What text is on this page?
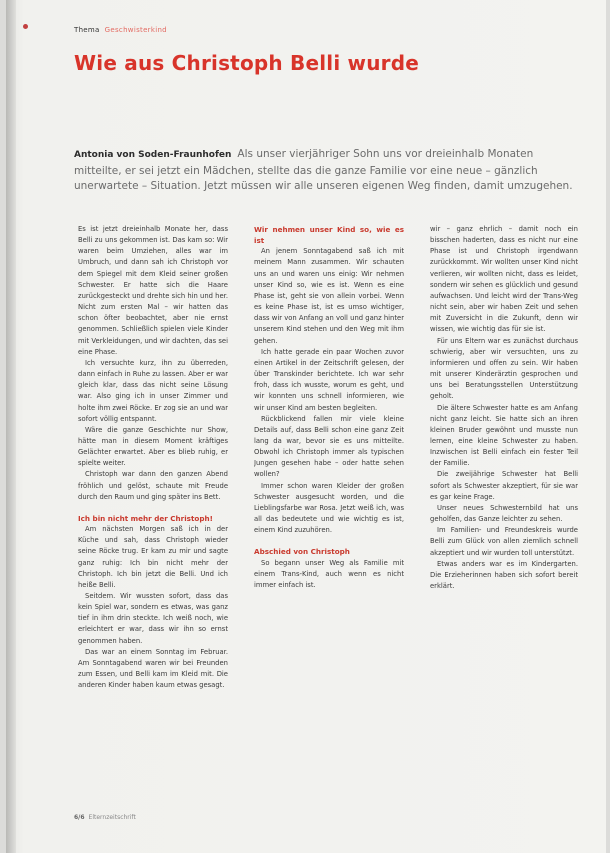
Thema Geschwisterkind
Wie aus Christoph Belli wurde

Antonia von Soden-Fraunhofen Als unser vierjähriger Sohn uns vor dreieinhalb Monaten mitteilte, er sei jetzt ein Mädchen, stellte das die ganze Familie vor eine neue – gänzlich unerwartete – Situation. Jetzt müssen wir alle unseren eigenen Weg finden, damit umzugehen.

Es ist jetzt dreieinhalb Monate her, dass Belli zu uns gekommen ist. Das kam so: Wir waren beim Umziehen, alles war im Umbruch, und dann sah ich Christoph vor dem Spiegel mit dem Kleid seiner großen Schwester. Er hatte sich die Haare zurückgesteckt und drehte sich hin und her. Nicht zum ersten Mal – wir hatten das schon öfter beobachtet, aber nie ernst genommen. Schließlich spielen viele Kinder mit Verkleidungen, und wir dachten, das sei eine Phase.

Ich versuchte kurz, ihn zu überreden, dann einfach in Ruhe zu lassen. Aber er war gleich klar, dass das nicht seine Lösung war. Also ging ich in unser Zimmer und holte ihm zwei Röcke. Er zog sie an und war sofort völlig entspannt.

Wäre die ganze Geschichte nur Show, hätte man in diesem Moment kräftiges Gelächter erwartet. Aber es blieb ruhig, er spielte weiter.

Christoph war dann den ganzen Abend fröhlich und gelöst, schaute mit Freude durch den Raum und ging später ins Bett.

Ich bin nicht mehr der Christoph!

Am nächsten Morgen saß ich in der Küche und sah, dass Christoph wieder seine Röcke trug. Er kam zu mir und sagte ganz ruhig: Ich bin nicht mehr der Christoph. Ich bin jetzt die Belli. Und ich heiße Belli.

Seitdem. Wir wussten sofort, dass das kein Spiel war, sondern es etwas, was ganz tief in ihm drin steckte. Ich weiß noch, wie erleichtert er war, dass wir ihn so ernst genommen haben.

Das war an einem Sonntag im Februar. Am Sonntagabend waren wir bei Freunden zum Essen, und Belli kam im Kleid mit. Die anderen Kinder haben kaum etwas gesagt.

Wir nehmen unser Kind so, wie es ist

An jenem Sonntagabend saß ich mit meinem Mann zusammen. Wir schauten uns an und waren uns einig: Wir nehmen unser Kind so, wie es ist. Wenn es eine Phase ist, geht sie von allein vorbei. Wenn es keine Phase ist, ist es umso wichtiger, dass wir von Anfang an voll und ganz hinter unserem Kind stehen und den Weg mit ihm gehen.

Ich hatte gerade ein paar Wochen zuvor einen Artikel in der Zeitschrift gelesen, der über Transkinder berichtete. Ich war sehr froh, dass ich wusste, worum es geht, und wir konnten uns schnell informieren, wie wir unser Kind am besten begleiten.

Rückblickend fallen mir viele kleine Details auf, dass Belli schon eine ganz Zeit lang da war, bevor sie es uns mitteilte. Obwohl ich Christoph immer als typischen Jungen gesehen habe – oder hatte sehen wollen?

Immer schon waren Kleider der großen Schwester ausgesucht worden, und die Lieblingsfarbe war Rosa. Jetzt weiß ich, was all das bedeutete und wie wichtig es ist, einem Kind zuzuhören.

Abschied von Christoph

So begann unser Weg als Familie mit einem Trans-Kind, auch wenn es nicht immer einfach ist.

wir – ganz ehrlich – damit noch ein bisschen haderten, dass es nicht nur eine Phase ist und Christoph irgendwann zurückkommt. Wir wollten unser Kind nicht verlieren, wir wollten nicht, dass es leidet, sondern wir sehen es glücklich und gesund aufwachsen. Und leicht wird der Trans-Weg nicht sein, aber wir haben Zeit und sehen mit Zuversicht in die Zukunft, denn wir wissen, wie wichtig das für sie ist.

Für uns Eltern war es zunächst durchaus schwierig, aber wir versuchten, uns zu informieren und offen zu sein. Wir haben mit unserer Kinderärztin gesprochen und uns bei Beratungsstellen Unterstützung geholt.

Die ältere Schwester hatte es am Anfang nicht ganz leicht. Sie hatte sich an ihren kleinen Bruder gewöhnt und musste nun lernen, eine kleine Schwester zu haben. Inzwischen ist Belli einfach ein fester Teil der Familie.

Die zweijährige Schwester hat Belli sofort als Schwester akzeptiert, für sie war es gar keine Frage.

Unser neues Schwesternbild hat uns geholfen, das Ganze leichter zu sehen.

Im Familien- und Freundeskreis wurde Belli zum Glück von allen ziemlich schnell akzeptiert und wir wurden toll unterstützt.

Etwas anders war es im Kindergarten. Die Erzieherinnen haben sich sofort bereit erklärt.

6/6 Elternzeitschrift
